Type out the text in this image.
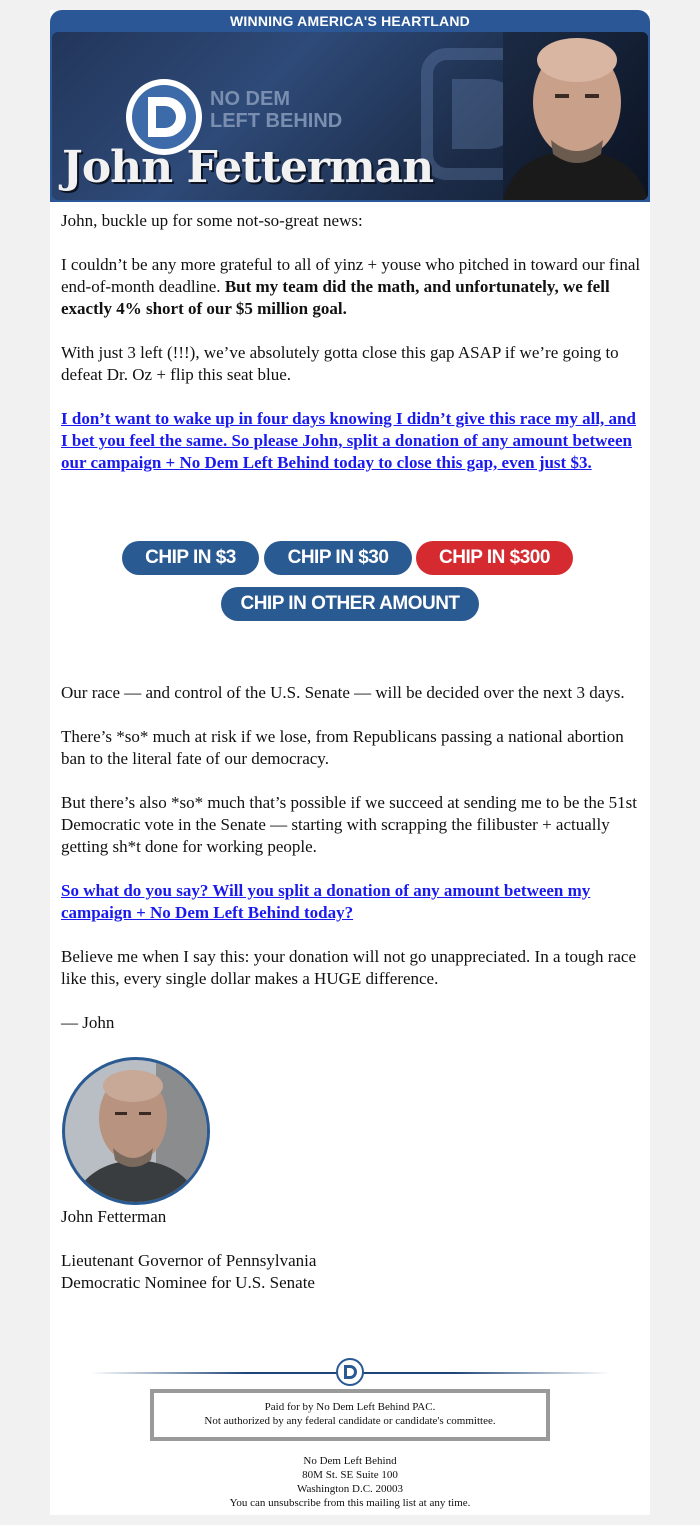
WINNING AMERICA'S HEARTLAND
NO DEM
LEFT BEHIND
John Fetterman

John, buckle up for some not-so-great news:

I couldn’t be any more grateful to all of yinz + youse who pitched in toward our final end-of-month deadline. But my team did the math, and unfortunately, we fell exactly 4% short of our $5 million goal.

With just 3 left (!!!), we’ve absolutely gotta close this gap ASAP if we’re going to defeat Dr. Oz + flip this seat blue.

I don’t want to wake up in four days knowing I didn’t give this race my all, and I bet you feel the same. So please John, split a donation of any amount between our campaign + No Dem Left Behind today to close this gap, even just $3.

CHIP IN $3	CHIP IN $30	CHIP IN $300
CHIP IN OTHER AMOUNT

Our race — and control of the U.S. Senate — will be decided over the next 3 days.

There’s *so* much at risk if we lose, from Republicans passing a national abortion ban to the literal fate of our democracy.

But there’s also *so* much that’s possible if we succeed at sending me to be the 51st Democratic vote in the Senate — starting with scrapping the filibuster + actually getting sh*t done for working people.

So what do you say? Will you split a donation of any amount between my campaign + No Dem Left Behind today?

Believe me when I say this: your donation will not go unappreciated. In a tough race like this, every single dollar makes a HUGE difference.

— John

John Fetterman

Lieutenant Governor of Pennsylvania
Democratic Nominee for U.S. Senate
Paid for by No Dem Left Behind PAC.
Not authorized by any federal candidate or candidate's committee.
No Dem Left Behind
80M St. SE Suite 100
Washington D.C. 20003
You can unsubscribe from this mailing list at any time.
